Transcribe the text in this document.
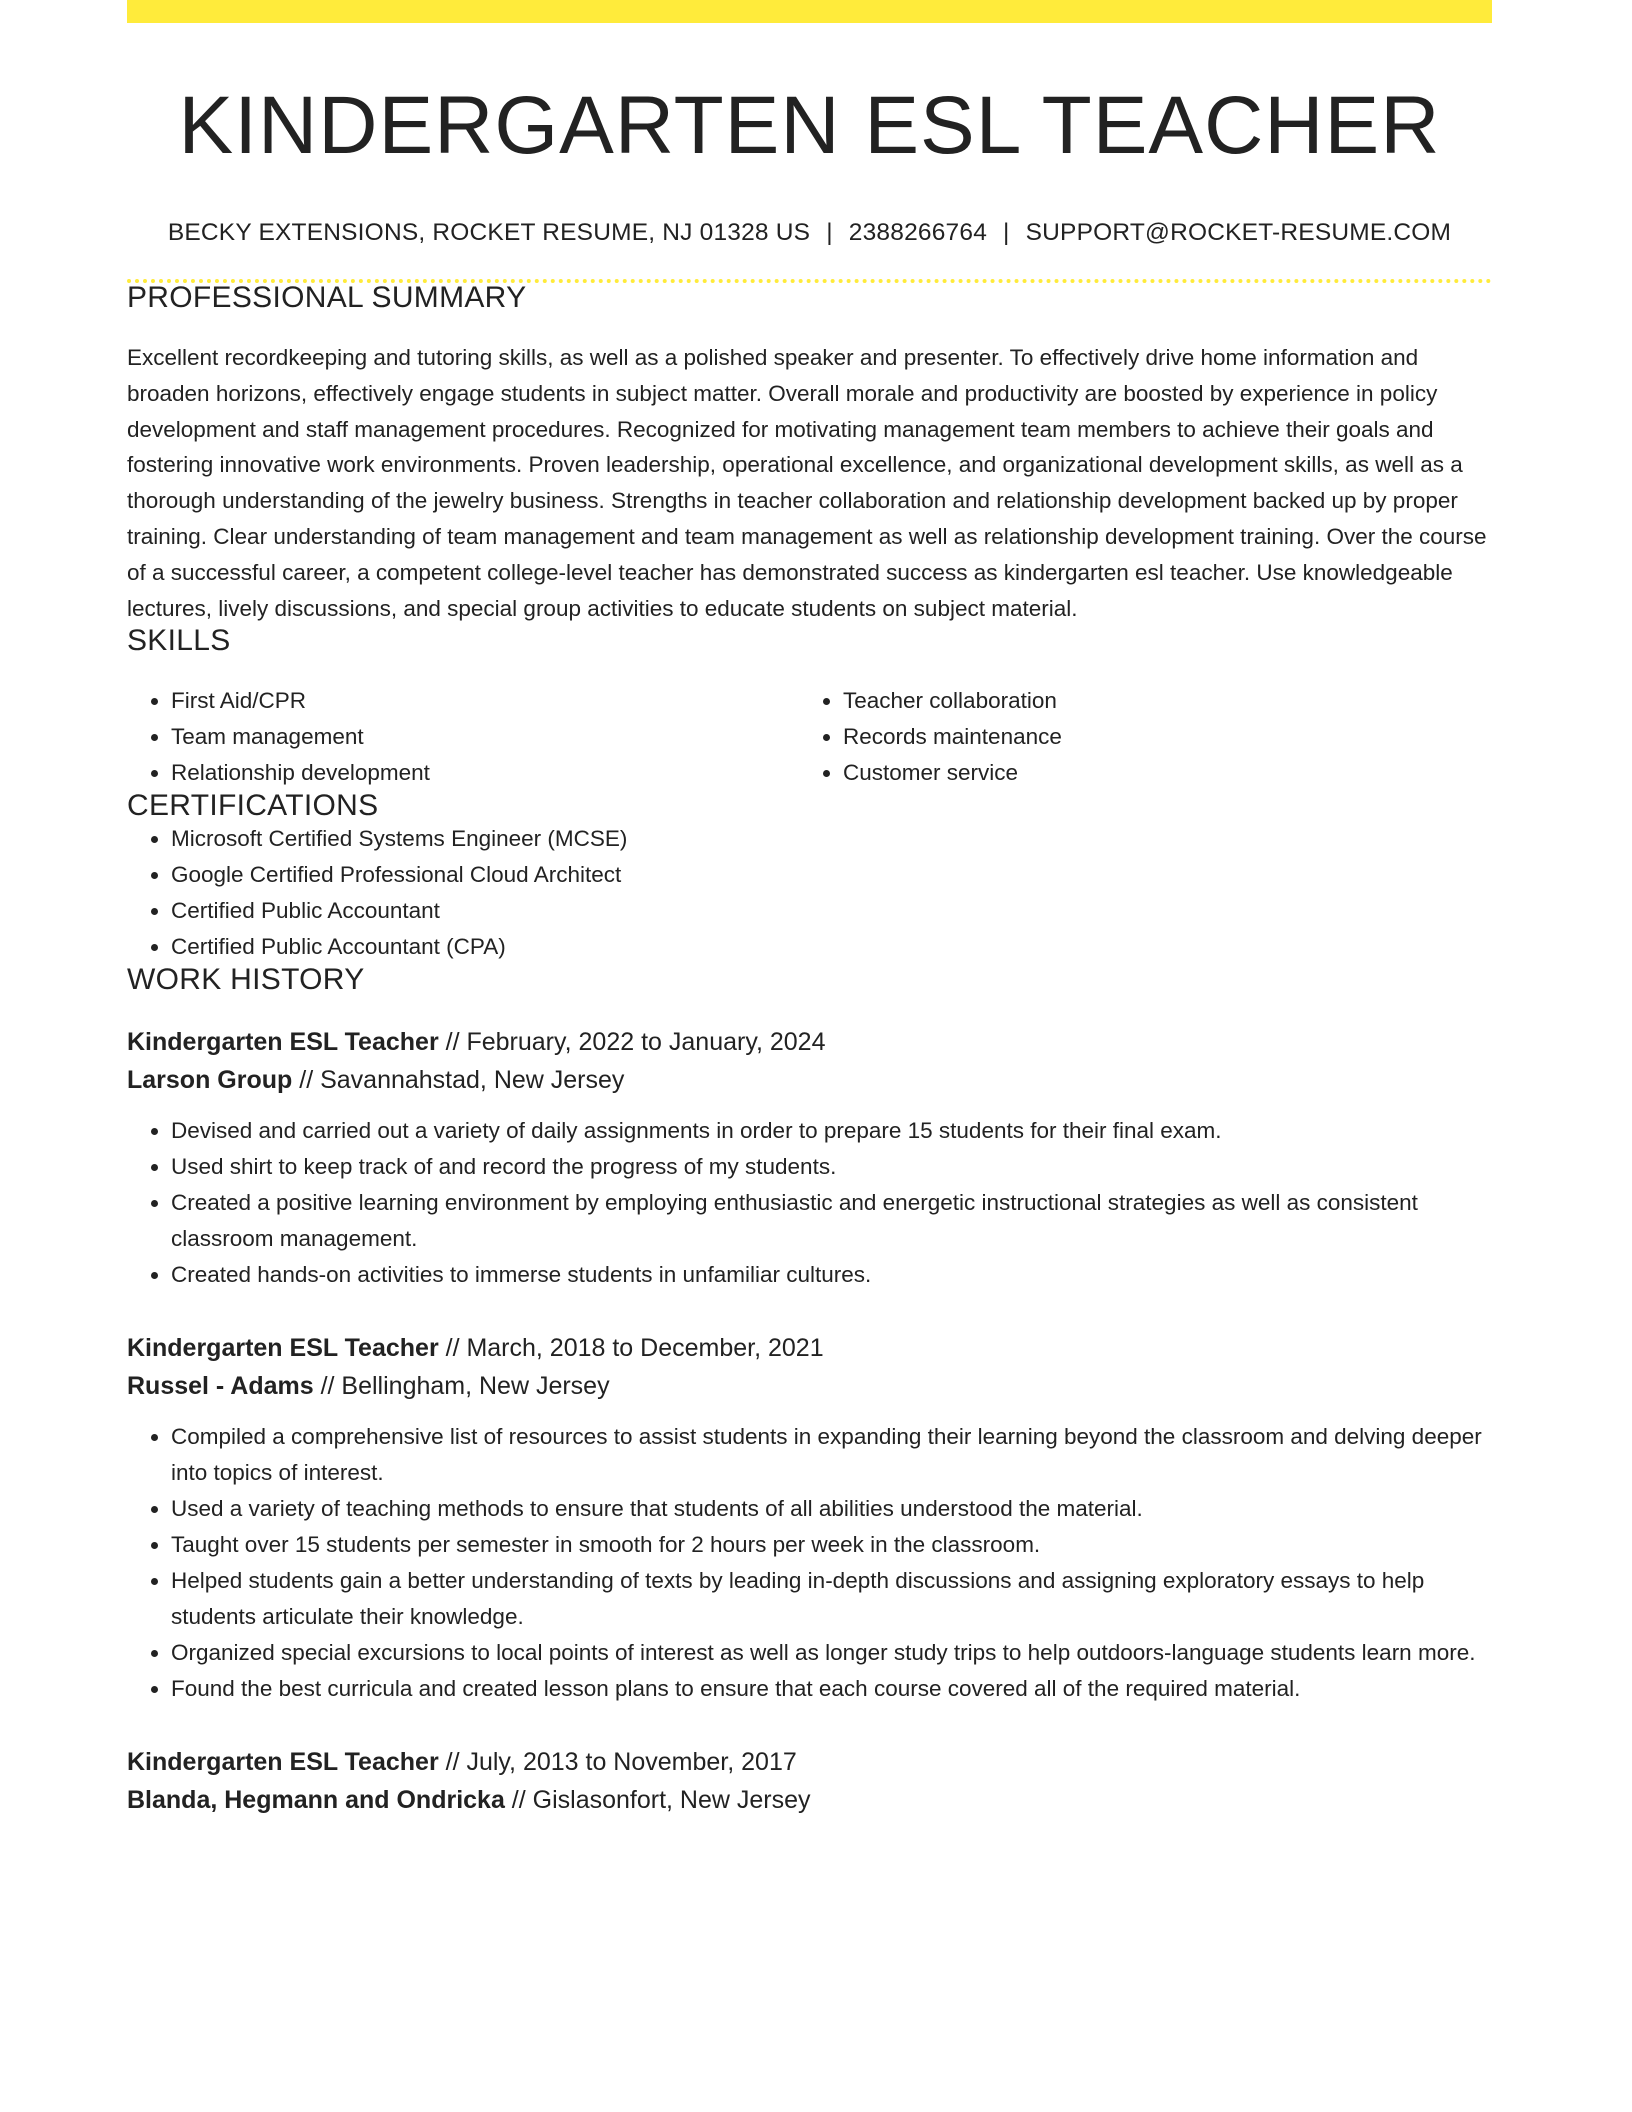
KINDERGARTEN ESL TEACHER
BECKY EXTENSIONS, ROCKET RESUME, NJ 01328 US | 2388266764 | SUPPORT@ROCKET-RESUME.COM
PROFESSIONAL SUMMARY
Excellent recordkeeping and tutoring skills, as well as a polished speaker and presenter. To effectively drive home information and broaden horizons, effectively engage students in subject matter. Overall morale and productivity are boosted by experience in policy development and staff management procedures. Recognized for motivating management team members to achieve their goals and fostering innovative work environments. Proven leadership, operational excellence, and organizational development skills, as well as a thorough understanding of the jewelry business. Strengths in teacher collaboration and relationship development backed up by proper training. Clear understanding of team management and team management as well as relationship development training. Over the course of a successful career, a competent college-level teacher has demonstrated success as kindergarten esl teacher. Use knowledgeable lectures, lively discussions, and special group activities to educate students on subject material.
SKILLS
• First Aid/CPR
• Team management
• Relationship development
• Teacher collaboration
• Records maintenance
• Customer service
CERTIFICATIONS
• Microsoft Certified Systems Engineer (MCSE)
• Google Certified Professional Cloud Architect
• Certified Public Accountant
• Certified Public Accountant (CPA)
WORK HISTORY
Kindergarten ESL Teacher // February, 2022 to January, 2024
Larson Group // Savannahstad, New Jersey
• Devised and carried out a variety of daily assignments in order to prepare 15 students for their final exam.
• Used shirt to keep track of and record the progress of my students.
• Created a positive learning environment by employing enthusiastic and energetic instructional strategies as well as consistent classroom management.
• Created hands-on activities to immerse students in unfamiliar cultures.
Kindergarten ESL Teacher // March, 2018 to December, 2021
Russel - Adams // Bellingham, New Jersey
• Compiled a comprehensive list of resources to assist students in expanding their learning beyond the classroom and delving deeper into topics of interest.
• Used a variety of teaching methods to ensure that students of all abilities understood the material.
• Taught over 15 students per semester in smooth for 2 hours per week in the classroom.
• Helped students gain a better understanding of texts by leading in-depth discussions and assigning exploratory essays to help students articulate their knowledge.
• Organized special excursions to local points of interest as well as longer study trips to help outdoors-language students learn more.
• Found the best curricula and created lesson plans to ensure that each course covered all of the required material.
Kindergarten ESL Teacher // July, 2013 to November, 2017
Blanda, Hegmann and Ondricka // Gislasonfort, New Jersey
